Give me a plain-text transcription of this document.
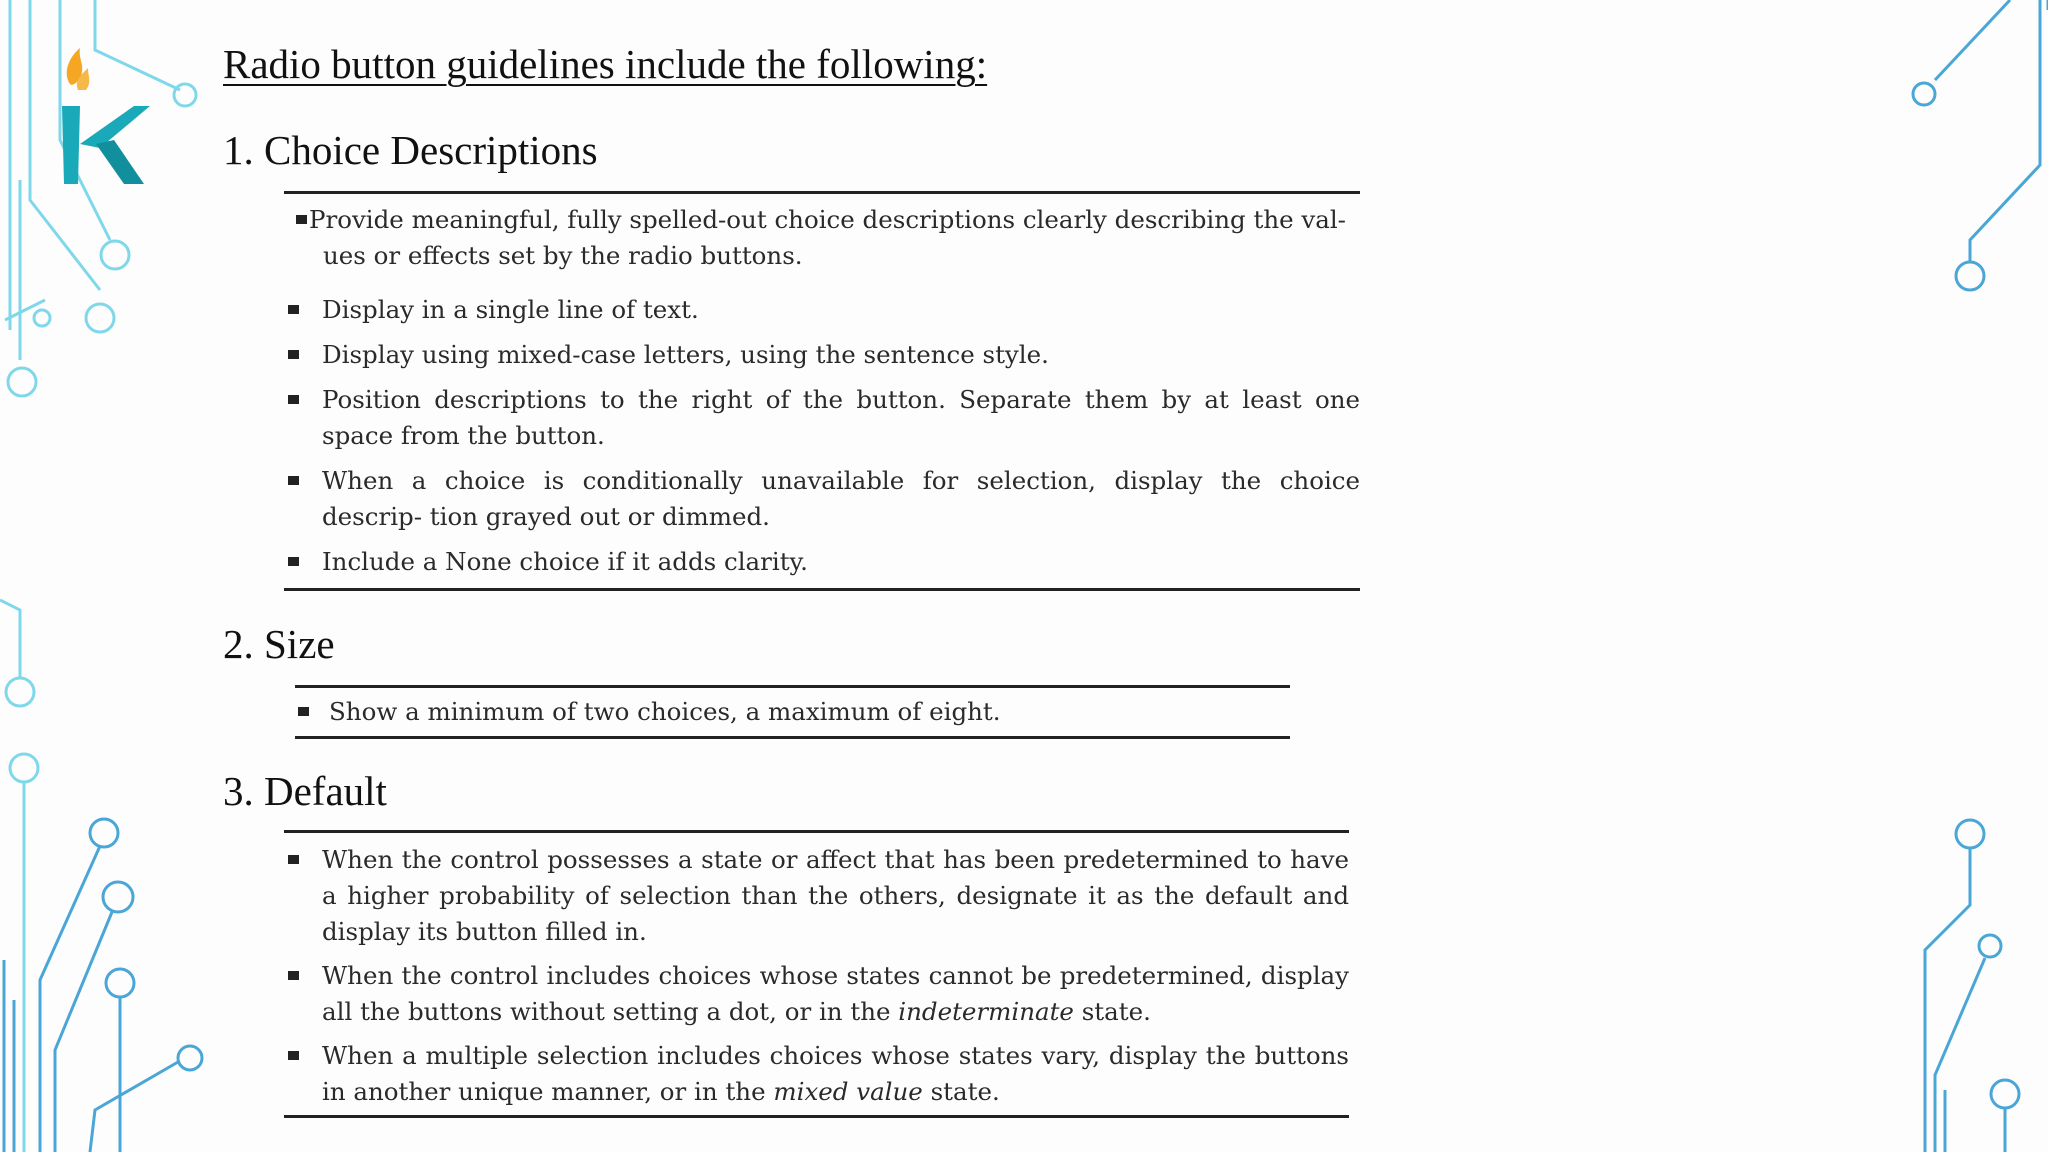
Radio button guidelines include the following:
1. Choice Descriptions
Provide meaningful, fully spelled-out choice descriptions clearly describing the val-
ues or effects set by the radio buttons.
Display in a single line of text.
Display using mixed-case letters, using the sentence style.
Position descriptions to the right of the button. Separate them by at least one space from the button.
When a choice is conditionally unavailable for selection, display the choice descrip- tion grayed out or dimmed.
Include a None choice if it adds clarity.
2. Size
Show a minimum of two choices, a maximum of eight.
3. Default
When the control possesses a state or affect that has been predetermined to have a higher probability of selection than the others, designate it as the default and display its button filled in.
When the control includes choices whose states cannot be predetermined, display all the buttons without setting a dot, or in the indeterminate state.
When a multiple selection includes choices whose states vary, display the buttons in another unique manner, or in the mixed value state.
